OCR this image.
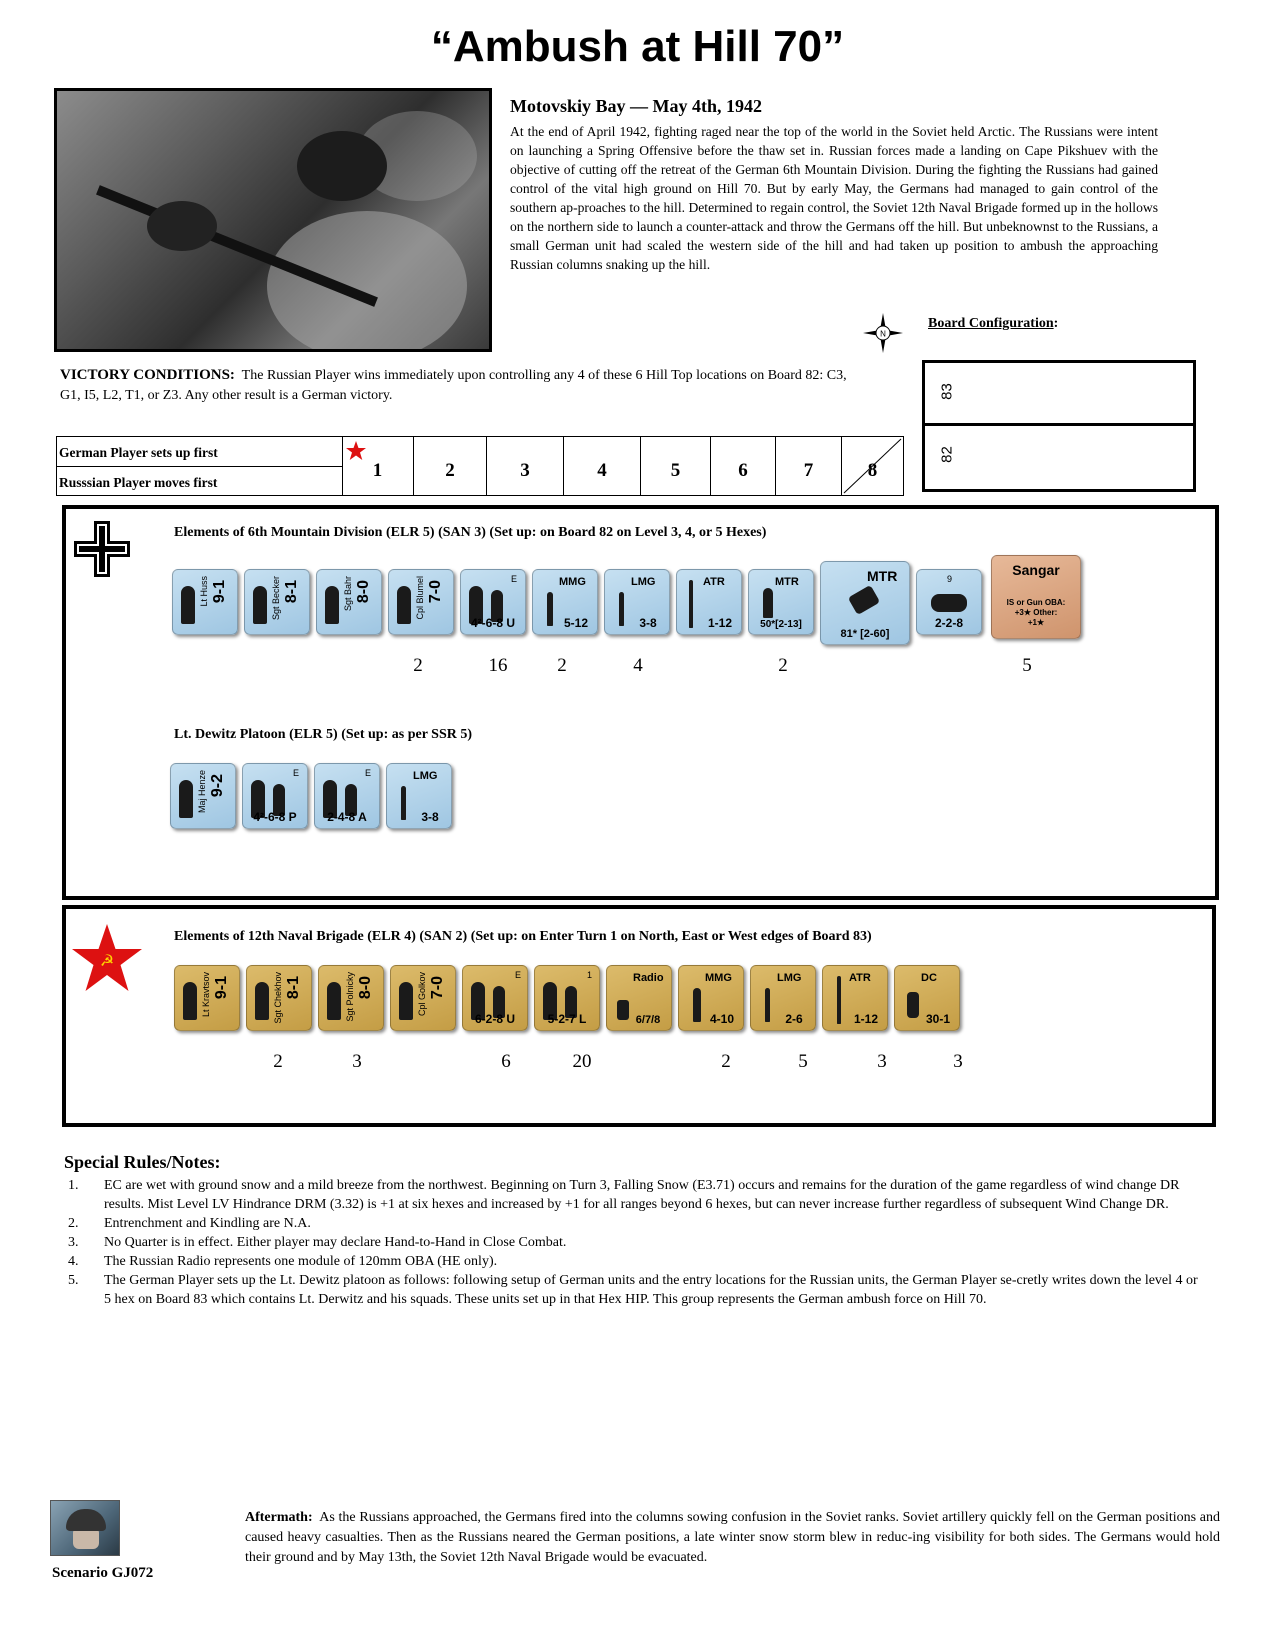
“Ambush at Hill 70”
Motovskiy Bay — May 4th, 1942
At the end of April 1942, fighting raged near the top of the world in the Soviet held Arctic. The Russians were intent on launching a Spring Offensive before the thaw set in. Russian forces made a landing on Cape Pikshuev with the objective of cutting off the retreat of the German 6th Mountain Division. During the fighting the Russians had gained control of the vital high ground on Hill 70. But by early May, the Germans had managed to gain control of the southern ap-proaches to the hill. Determined to regain control, the Soviet 12th Naval Brigade formed up in the hollows on the northern side to launch a counter-attack and throw the Germans off the hill. But unbeknownst to the Russians, a small German unit had scaled the western side of the hill and had taken up position to ambush the approaching Russian columns snaking up the hill.
N
Board Configuration:
83
82
VICTORY CONDITIONS: The Russian Player wins immediately upon controlling any 4 of these 6 Hill Top locations on Board 82: C3, G1, I5, L2, T1, or Z3. Any other result is a German victory.
German Player sets up first
Russsian Player moves first
1	2	3	4	5	6	7	8
Elements of 6th Mountain Division (ELR 5) (SAN 3) (Set up: on Board 82 on Level 3, 4, or 5 Hexes)
Lt Huss 9-1	Sgt Becker 8-1	Sgt Bahr 8-0	Cpl Blumel 7-0
E
4²-6-8 U
MMG
5-12
LMG
3-8
ATR
1-12
MTR
50*[2-13]
MTR
81* [2-60]
9
2-2-8
Sangar
IS or Gun OBA: +3★ Other: +1★
2	16	2	4	2	5
Lt. Dewitz Platoon (ELR 5) (Set up: as per SSR 5)
Maj Henze 9-2
E
4²-6-8 P
E
2-4-8 A
LMG
3-8
☭
Elements of 12th Naval Brigade (ELR 4) (SAN 2) (Set up: on Enter Turn 1 on North, East or West edges of Board 83)
Lt Kravtsov 9-1	Sgt Chekhov 8-1	Sgt Polnicky 8-0	Cpl Golkov 7-0
E
6-2-8 U
1
5-2-7 L
Radio
6/7/8
MMG
4-10
LMG
2-6
ATR
1-12
DC
30-1
2	3	6	20	2	5	3	3
Special Rules/Notes:
1. EC are wet with ground snow and a mild breeze from the northwest. Beginning on Turn 3, Falling Snow (E3.71) occurs and remains for the duration of the game regardless of wind change DR results. Mist Level LV Hindrance DRM (3.32) is +1 at six hexes and increased by +1 for all ranges beyond 6 hexes, but can never increase further regardless of subsequent Wind Change DR.
2. Entrenchment and Kindling are N.A.
3. No Quarter is in effect. Either player may declare Hand-to-Hand in Close Combat.
4. The Russian Radio represents one module of 120mm OBA (HE only).
5. The German Player sets up the Lt. Dewitz platoon as follows: following setup of German units and the entry locations for the Russian units, the German Player se-cretly writes down the level 4 or 5 hex on Board 83 which contains Lt. Derwitz and his squads. These units set up in that Hex HIP. This group represents the German ambush force on Hill 70.
Scenario GJ072
Aftermath: As the Russians approached, the Germans fired into the columns sowing confusion in the Soviet ranks. Soviet artillery quickly fell on the German positions and caused heavy casualties. Then as the Russians neared the German positions, a late winter snow storm blew in reduc-ing visibility for both sides. The Germans would hold their ground and by May 13th, the Soviet 12th Naval Brigade would be evacuated.
